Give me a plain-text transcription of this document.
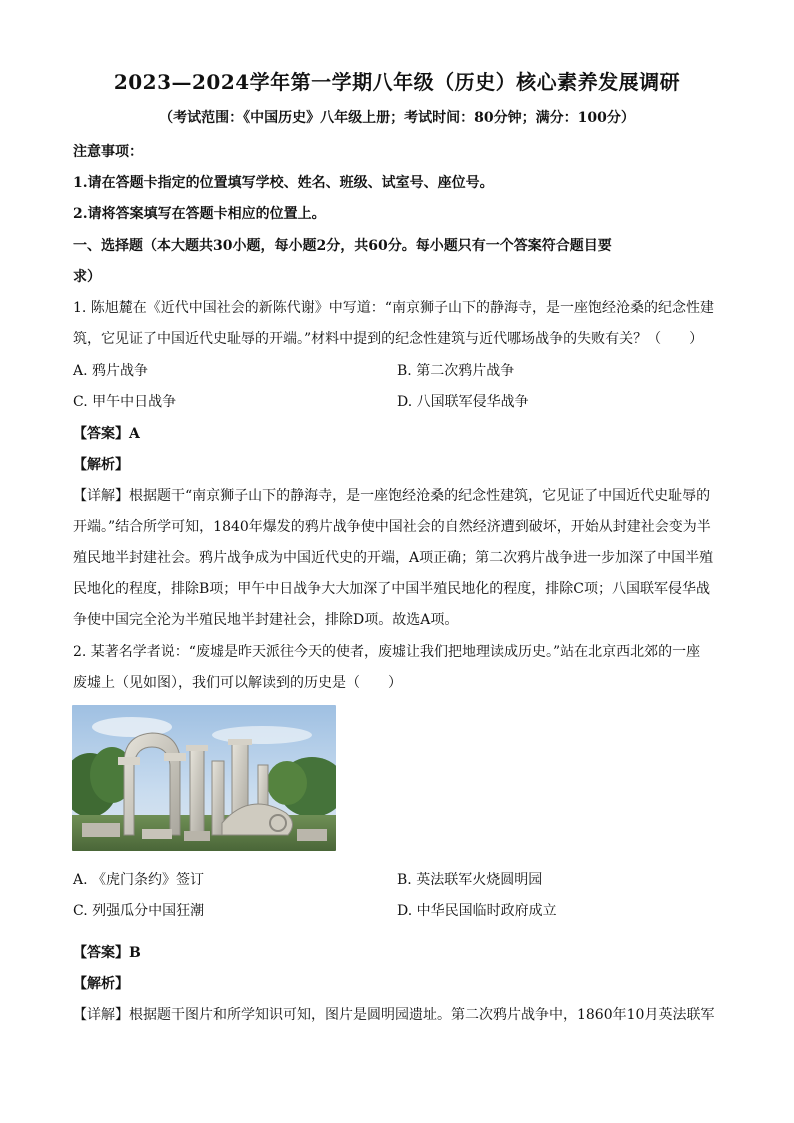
2023—2024学年第一学期八年级（历史）核心素养发展调研
（考试范围：《中国历史》八年级上册；考试时间：80分钟；满分：100分）
注意事项：
1.请在答题卡指定的位置填写学校、姓名、班级、试室号、座位号。
2.请将答案填写在答题卡相应的位置上。
一、选择题（本大题共30小题，每小题2分，共60分。每小题只有一个答案符合题目要
求）
1. 陈旭麓在《近代中国社会的新陈代谢》中写道：“南京狮子山下的静海寺，是一座饱经沧桑的纪念性建
筑，它见证了中国近代史耻辱的开端。”材料中提到的纪念性建筑与近代哪场战争的失败有关？（　　）
A. 鸦片战争	B. 第二次鸦片战争
C. 甲午中日战争	D. 八国联军侵华战争
【答案】A
【解析】
【详解】根据题干“南京狮子山下的静海寺，是一座饱经沧桑的纪念性建筑，它见证了中国近代史耻辱的
开端。”结合所学可知，1840年爆发的鸦片战争使中国社会的自然经济遭到破坏，开始从封建社会变为半
殖民地半封建社会。鸦片战争成为中国近代史的开端，A项正确；第二次鸦片战争进一步加深了中国半殖
民地化的程度，排除B项；甲午中日战争大大加深了中国半殖民地化的程度，排除C项；八国联军侵华战
争使中国完全沦为半殖民地半封建社会，排除D项。故选A项。
2. 某著名学者说：“废墟是昨天派往今天的使者，废墟让我们把地理读成历史。”站在北京西北郊的一座
废墟上（见如图），我们可以解读到的历史是（　　）
A. 《虎门条约》签订	B. 英法联军火烧圆明园
C. 列强瓜分中国狂潮	D. 中华民国临时政府成立
【答案】B
【解析】
【详解】根据题干图片和所学知识可知，图片是圆明园遗址。第二次鸦片战争中，1860年10月英法联军
